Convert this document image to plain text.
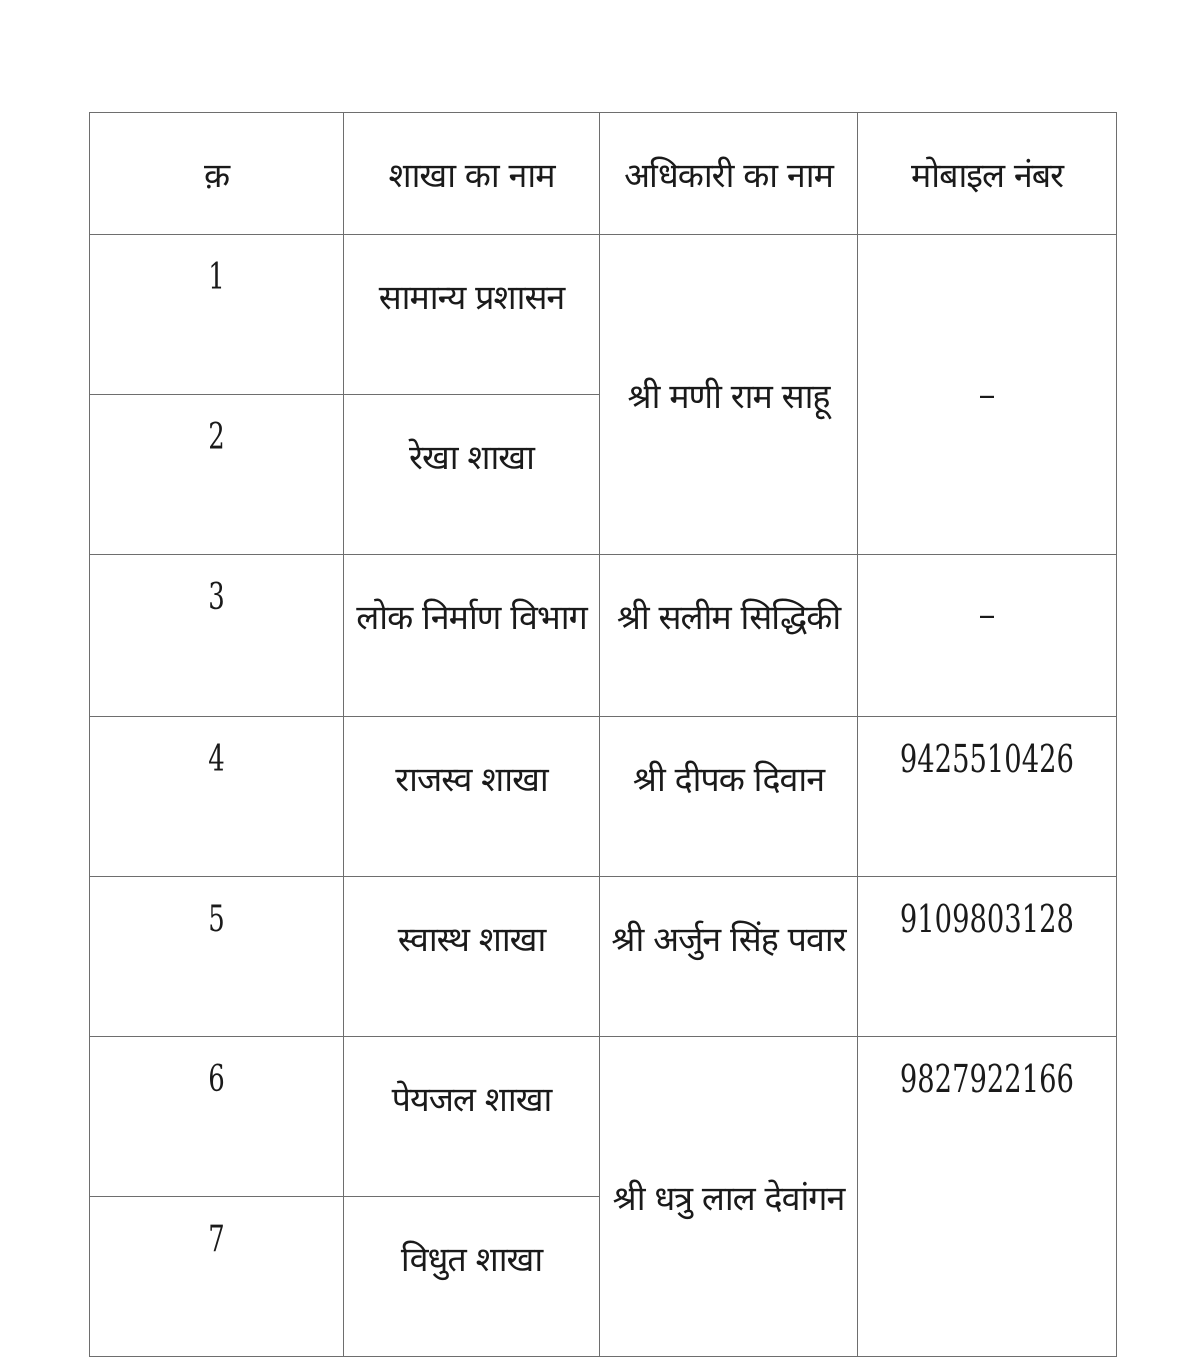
क़	शाखा का नाम	अधिकारी का नाम	मोबाइल नंबर
1	सामान्य प्रशासन	श्री मणी राम साहू	–
2	रेखा शाखा		
3	लोक निर्माण विभाग	श्री सलीम सिद्धिकी	–
4	राजस्व शाखा	श्री दीपक दिवान	9425510426
5	स्वास्थ शाखा	श्री अर्जुन सिंह पवार	9109803128
6	पेयजल शाखा	श्री धत्रु लाल देवांगन	9827922166
7	विधुत शाखा		
